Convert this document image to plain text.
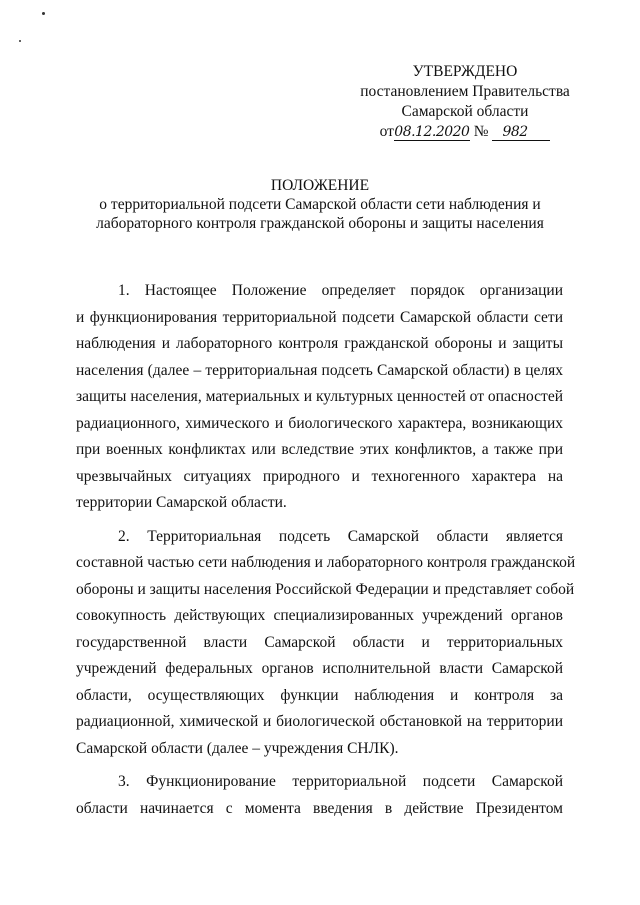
УТВЕРЖДЕНО
постановлением Правительства
Самарской области
от08.12.2020 № 982
ПОЛОЖЕНИЕ
о территориальной подсети Самарской области сети наблюдения и
лабораторного контроля гражданской обороны и защиты населения

1. Настоящее Положение определяет порядок организации
и функционирования территориальной подсети Самарской области сети
наблюдения и лабораторного контроля гражданской обороны и защиты
населения (далее – территориальная подсеть Самарской области) в целях
защиты населения, материальных и культурных ценностей от опасностей
радиационного, химического и биологического характера, возникающих
при военных конфликтах или вследствие этих конфликтов, а также при
чрезвычайных ситуациях природного и техногенного характера на
территории Самарской области.

2. Территориальная подсеть Самарской области является
составной частью сети наблюдения и лабораторного контроля гражданской
обороны и защиты населения Российской Федерации и представляет собой
совокупность действующих специализированных учреждений органов
государственной власти Самарской области и территориальных
учреждений федеральных органов исполнительной власти Самарской
области, осуществляющих функции наблюдения и контроля за
радиационной, химической и биологической обстановкой на территории
Самарской области (далее – учреждения СНЛК).

3. Функционирование территориальной подсети Самарской
области начинается с момента введения в действие Президентом
